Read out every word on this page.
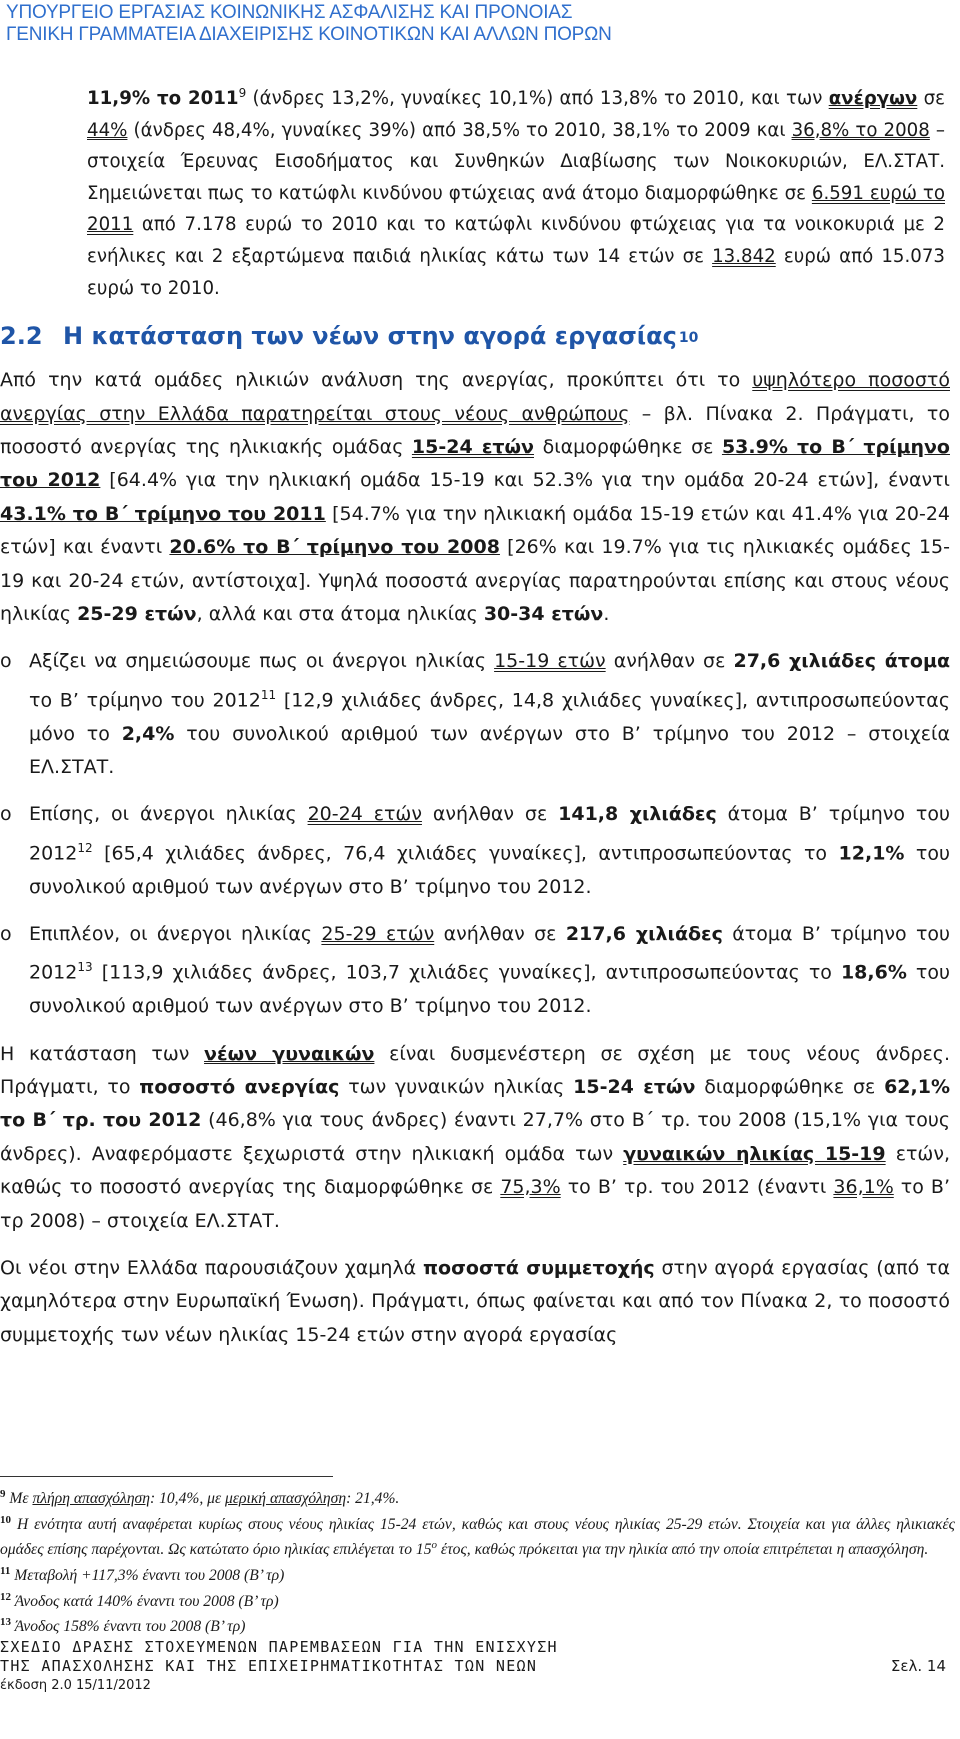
ΥΠΟΥΡΓΕΙΟ ΕΡΓΑΣΙΑΣ ΚΟΙΝΩΝΙΚΗΣ ΑΣΦΑΛΙΣΗΣ ΚΑΙ ΠΡΟΝΟΙΑΣ
ΓΕΝΙΚΗ ΓΡΑΜΜΑΤΕΙΑ ΔΙΑΧΕΙΡΙΣΗΣ ΚΟΙΝΟΤΙΚΩΝ ΚΑΙ ΑΛΛΩΝ ΠΟΡΩΝ

11,9% το 2011$^9$ (άνδρες 13,2%, γυναίκες 10,1%) από 13,8% το 2010, και των ανέργων σε 44% (άνδρες 48,4%, γυναίκες 39%) από 38,5% το 2010, 38,1% το 2009 και 36,8% το 2008 –στοιχεία Έρευνας Εισοδήματος και Συνθηκών Διαβίωσης των Νοικοκυριών, ΕΛ.ΣΤΑΤ. Σημειώνεται πως το κατώφλι κινδύνου φτώχειας ανά άτομο διαμορφώθηκε σε 6.591 ευρώ το 2011 από 7.178 ευρώ το 2010 και το κατώφλι κινδύνου φτώχειας για τα νοικοκυριά με 2 ενήλικες και 2 εξαρτώμενα παιδιά ηλικίας κάτω των 14 ετών σε 13.842 ευρώ από 15.073 ευρώ το 2010.

2.2 Η κατάσταση των νέων στην αγορά εργασίας$^{10}$

Από την κατά ομάδες ηλικιών ανάλυση της ανεργίας, προκύπτει ότι το υψηλότερο ποσοστό ανεργίας στην Ελλάδα παρατηρείται στους νέους ανθρώπους – βλ. Πίνακα 2. Πράγματι, το ποσοστό ανεργίας της ηλικιακής ομάδας 15-24 ετών διαμορφώθηκε σε 53.9% το Β΄ τρίμηνο του 2012 [64.4% για την ηλικιακή ομάδα 15-19 και 52.3% για την ομάδα 20-24 ετών], έναντι 43.1% το Β΄ τρίμηνο του 2011 [54.7% για την ηλικιακή ομάδα 15-19 ετών και 41.4% για 20-24 ετών] και έναντι 20.6% το Β΄ τρίμηνο του 2008 [26% και 19.7% για τις ηλικιακές ομάδες 15-19 και 20-24 ετών, αντίστοιχα]. Υψηλά ποσοστά ανεργίας παρατηρούνται επίσης και στους νέους ηλικίας 25-29 ετών, αλλά και στα άτομα ηλικίας 30-34 ετών.

o Αξίζει να σημειώσουμε πως οι άνεργοι ηλικίας 15-19 ετών ανήλθαν σε 27,6 χιλιάδες άτομα το Β’ τρίμηνο του 2012$^{11}$ [12,9 χιλιάδες άνδρες, 14,8 χιλιάδες γυναίκες], αντιπροσωπεύοντας μόνο το 2,4% του συνολικού αριθμού των ανέργων στο Β’ τρίμηνο του 2012 – στοιχεία ΕΛ.ΣΤΑΤ.
o Επίσης, οι άνεργοι ηλικίας 20-24 ετών ανήλθαν σε 141,8 χιλιάδες άτομα Β’ τρίμηνο του 2012$^{12}$ [65,4 χιλιάδες άνδρες, 76,4 χιλιάδες γυναίκες], αντιπροσωπεύοντας το 12,1% του συνολικού αριθμού των ανέργων στο Β’ τρίμηνο του 2012.
o Επιπλέον, οι άνεργοι ηλικίας 25-29 ετών ανήλθαν σε 217,6 χιλιάδες άτομα Β’ τρίμηνο του 2012$^{13}$ [113,9 χιλιάδες άνδρες, 103,7 χιλιάδες γυναίκες], αντιπροσωπεύοντας το 18,6% του συνολικού αριθμού των ανέργων στο Β’ τρίμηνο του 2012.

Η κατάσταση των νέων γυναικών είναι δυσμενέστερη σε σχέση με τους νέους άνδρες. Πράγματι, το ποσοστό ανεργίας των γυναικών ηλικίας 15-24 ετών διαμορφώθηκε σε 62,1% το Β΄ τρ. του 2012 (46,8% για τους άνδρες) έναντι 27,7% στο Β΄ τρ. του 2008 (15,1% για τους άνδρες). Αναφερόμαστε ξεχωριστά στην ηλικιακή ομάδα των γυναικών ηλικίας 15-19 ετών, καθώς το ποσοστό ανεργίας της διαμορφώθηκε σε 75,3% το Β’ τρ. του 2012 (έναντι 36,1% το Β’ τρ 2008) – στοιχεία ΕΛ.ΣΤΑΤ.

Οι νέοι στην Ελλάδα παρουσιάζουν χαμηλά ποσοστά συμμετοχής στην αγορά εργασίας (από τα χαμηλότερα στην Ευρωπαϊκή Ένωση). Πράγματι, όπως φαίνεται και από τον Πίνακα 2, το ποσοστό συμμετοχής των νέων ηλικίας 15-24 ετών στην αγορά εργασίας

$^9$ Με πλήρη απασχόληση: 10,4%, με μερική απασχόληση: 21,4%.

$^{10}$ Η ενότητα αυτή αναφέρεται κυρίως στους νέους ηλικίας 15-24 ετών, καθώς και στους νέους ηλικίας 25-29 ετών. Στοιχεία και για άλλες ηλικιακές ομάδες επίσης παρέχονται. Ως κατώτατο όριο ηλικίας επιλέγεται το $15^o$ έτος, καθώς πρόκειται για την ηλικία από την οποία επιτρέπεται η απασχόληση.

$^{11}$ Μεταβολή +117,3% έναντι του 2008 (Β’ τρ)

$^{12}$ Άνοδος κατά 140% έναντι του 2008 (Β’ τρ)

$^{13}$ Άνοδος 158% έναντι του 2008 (Β’ τρ)

ΣΧΕΔΙΟ ΔΡΑΣΗΣ ΣΤΟΧΕΥΜΕΝΩΝ ΠΑΡΕΜΒΑΣΕΩΝ ΓΙΑ ΤΗΝ ΕΝΙΣΧΥΣΗ
ΤΗΣ ΑΠΑΣΧΟΛΗΣΗΣ ΚΑΙ ΤΗΣ ΕΠΙΧΕΙΡΗΜΑΤΙΚΟΤΗΤΑΣ ΤΩΝ ΝΕΩΝ
έκδοση 2.0 15/11/2012
Σελ. 14
